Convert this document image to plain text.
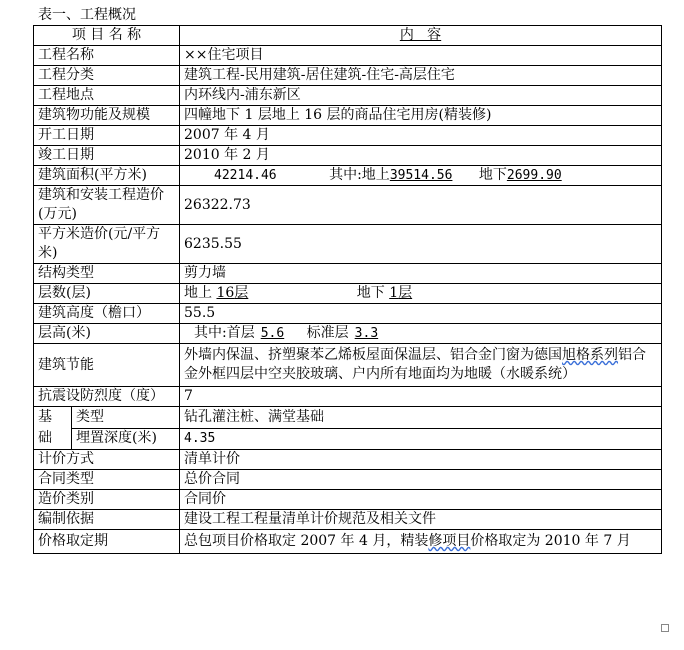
表一、工程概况
项 目 名 称		内   容
工程名称		××住宅项目
工程分类		建筑工程-民用建筑-居住建筑-住宅-高层住宅
工程地点		内环线内-浦东新区
建筑物功能及规模		四幢地下 1 层地上 16 层的商品住宅用房(精装修)
开工日期		2007 年 4 月
竣工日期		2010 年 2 月
建筑面积(平方米)		42214.46 其中:地上39514.56 地下2699.90
建筑和安装工程造价(万元)		26322.73
平方米造价(元/平方米)		6235.55
结构类型		剪力墙
层数(层)		地上 16层 地下 1层
建筑高度（檐口）		55.5
层高(米)		其中:首层 5.6 标准层 3.3
建筑节能		外墙内保温、挤塑聚苯乙烯板屋面保温层、铝合金门窗为德国旭格系列铝合金外框四层中空夹胶玻璃、户内所有地面均为地暖（水暖系统）
抗震设防烈度（度）		7
基
础	类型	钻孔灌注桩、满堂基础
	埋置深度(米)	4.35
计价方式		清单计价
合同类型		总价合同
造价类别		合同价
编制依据		建设工程工程量清单计价规范及相关文件
价格取定期		总包项目价格取定 2007 年 4 月，精装修项目价格取定为 2010 年 7 月
